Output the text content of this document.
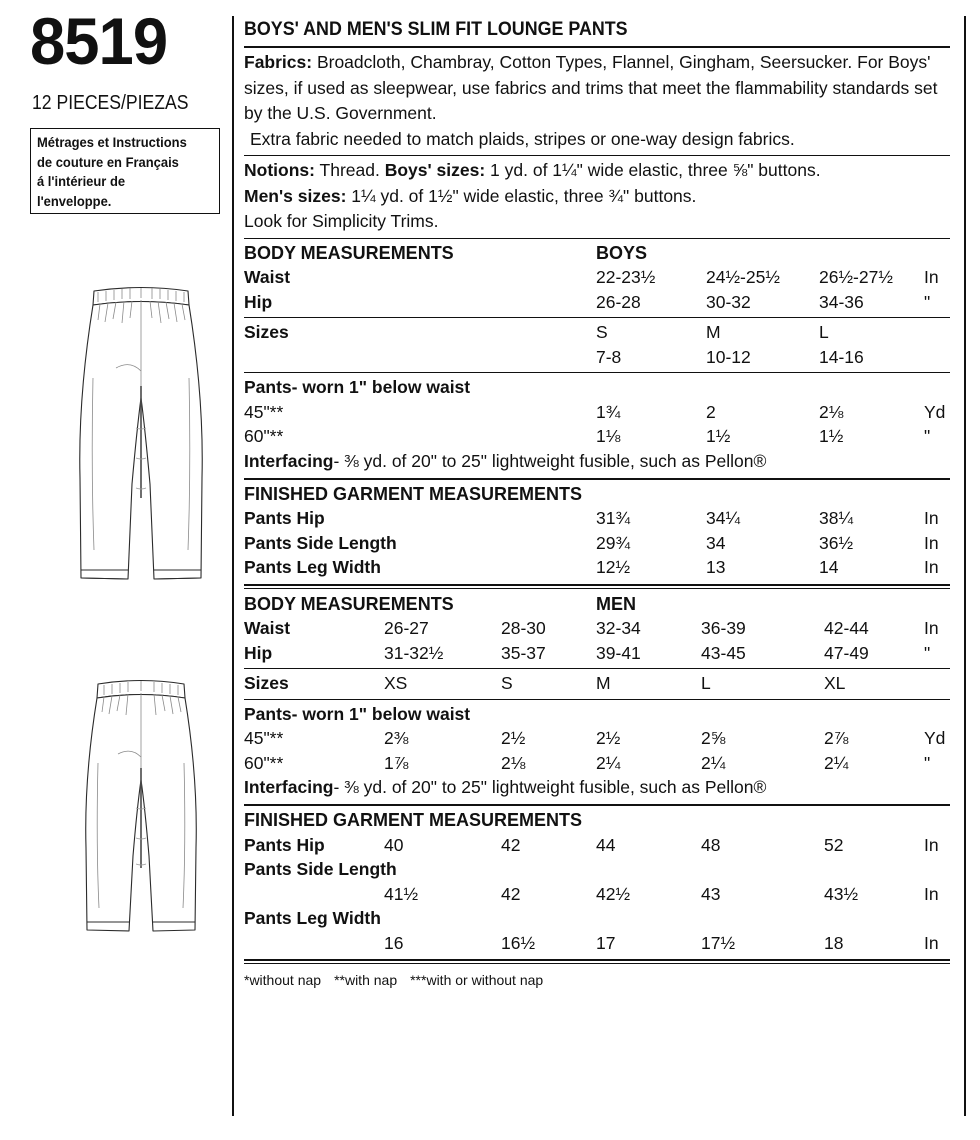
8519
12 PIECES/PIEZAS
Métrages et Instructions
de couture en Français
á l'intérieur de
l'enveloppe.
BOYS' AND MEN'S SLIM FIT LOUNGE PANTS
Fabrics: Broadcloth, Chambray, Cotton Types, Flannel, Gingham, Seersucker. For Boys' sizes, if used as sleepwear, use fabrics and trims that meet the flammability standards set by the U.S. Government.
Extra fabric needed to match plaids, stripes or one-way design fabrics.
Notions: Thread. Boys' sizes: 1 yd. of 1¼" wide elastic, three ⅝" buttons.
Men's sizes: 1¼ yd. of 1½" wide elastic, three ¾" buttons.
Look for Simplicity Trims.
BODY MEASUREMENTS	BOYS			
Waist	22-23½	24½-25½	26½-27½	In
Hip	26-28	30-32	34-36	"
Sizes	S	M	L	
	7-8	10-12	14-16	
Pants- worn 1" below waist				
45"**	1¾	2	2⅛	Yd
60"**	1⅛	1½	1½	"
Interfacing- ⅜ yd. of 20" to 25" lightweight fusible, such as Pellon®
FINISHED GARMENT MEASUREMENTS				
Pants Hip	31¾	34¼	38¼	In
Pants Side Length	29¾	34	36½	In
Pants Leg Width	12½	13	14	In
BODY MEASUREMENTS			MEN			
Waist	26-27	28-30	32-34	36-39	42-44	In
Hip	31-32½	35-37	39-41	43-45	47-49	"
Sizes	XS	S	M	L	XL	
Pants- worn 1" below waist						
45"**	2⅜	2½	2½	2⅝	2⅞	Yd
60"**	1⅞	2⅛	2¼	2¼	2¼	"
Interfacing- ⅜ yd. of 20" to 25" lightweight fusible, such as Pellon®
FINISHED GARMENT MEASUREMENTS						
Pants Hip	40	42	44	48	52	In
Pants Side Length						
	41½	42	42½	43	43½	In
Pants Leg Width						
	16	16½	17	17½	18	In
*without nap **with nap ***with or without nap
